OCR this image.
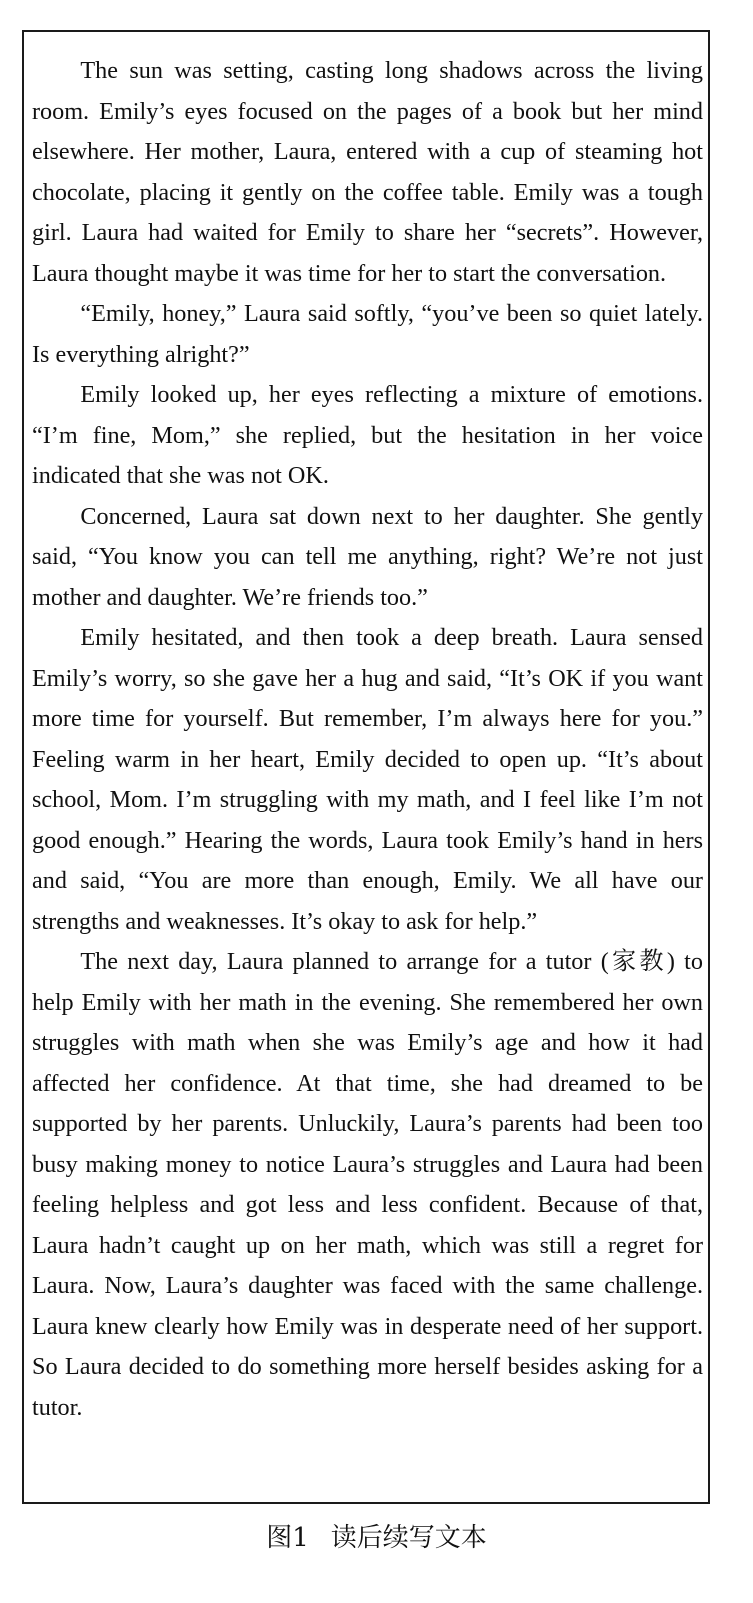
The sun was setting, casting long shadows across the living room. Emily’s eyes focused on the pages of a book but her mind elsewhere. Her mother, Laura, entered with a cup of steaming hot chocolate, placing it gently on the coffee table. Emily was a tough girl. Laura had waited for Emily to share her “secrets”. However, Laura thought maybe it was time for her to start the conversation.

“Emily, honey,” Laura said softly, “you’ve been so quiet lately. Is everything alright?”

Emily looked up, her eyes reflecting a mixture of emotions. “I’m fine, Mom,” she replied, but the hesitation in her voice indicated that she was not OK.

Concerned, Laura sat down next to her daughter. She gently said, “You know you can tell me anything, right? We’re not just mother and daughter. We’re friends too.”

Emily hesitated, and then took a deep breath. Laura sensed Emily’s worry, so she gave her a hug and said, “It’s OK if you want more time for yourself. But remember, I’m always here for you.” Feeling warm in her heart, Emily decided to open up. “It’s about school, Mom. I’m struggling with my math, and I feel like I’m not good enough.” Hearing the words, Laura took Emily’s hand in hers and said, “You are more than enough, Emily. We all have our strengths and weaknesses. It’s okay to ask for help.”

The next day, Laura planned to arrange for a tutor (家教) to help Emily with her math in the evening. She remembered her own struggles with math when she was Emily’s age and how it had affected her confidence. At that time, she had dreamed to be supported by her parents. Unluckily, Laura’s parents had been too busy making money to notice Laura’s struggles and Laura had been feeling helpless and got less and less confident. Because of that, Laura hadn’t caught up on her math, which was still a regret for Laura. Now, Laura’s daughter was faced with the same challenge. Laura knew clearly how Emily was in desperate need of her support. So Laura decided to do something more herself besides asking for a tutor.

图1 读后续写文本
